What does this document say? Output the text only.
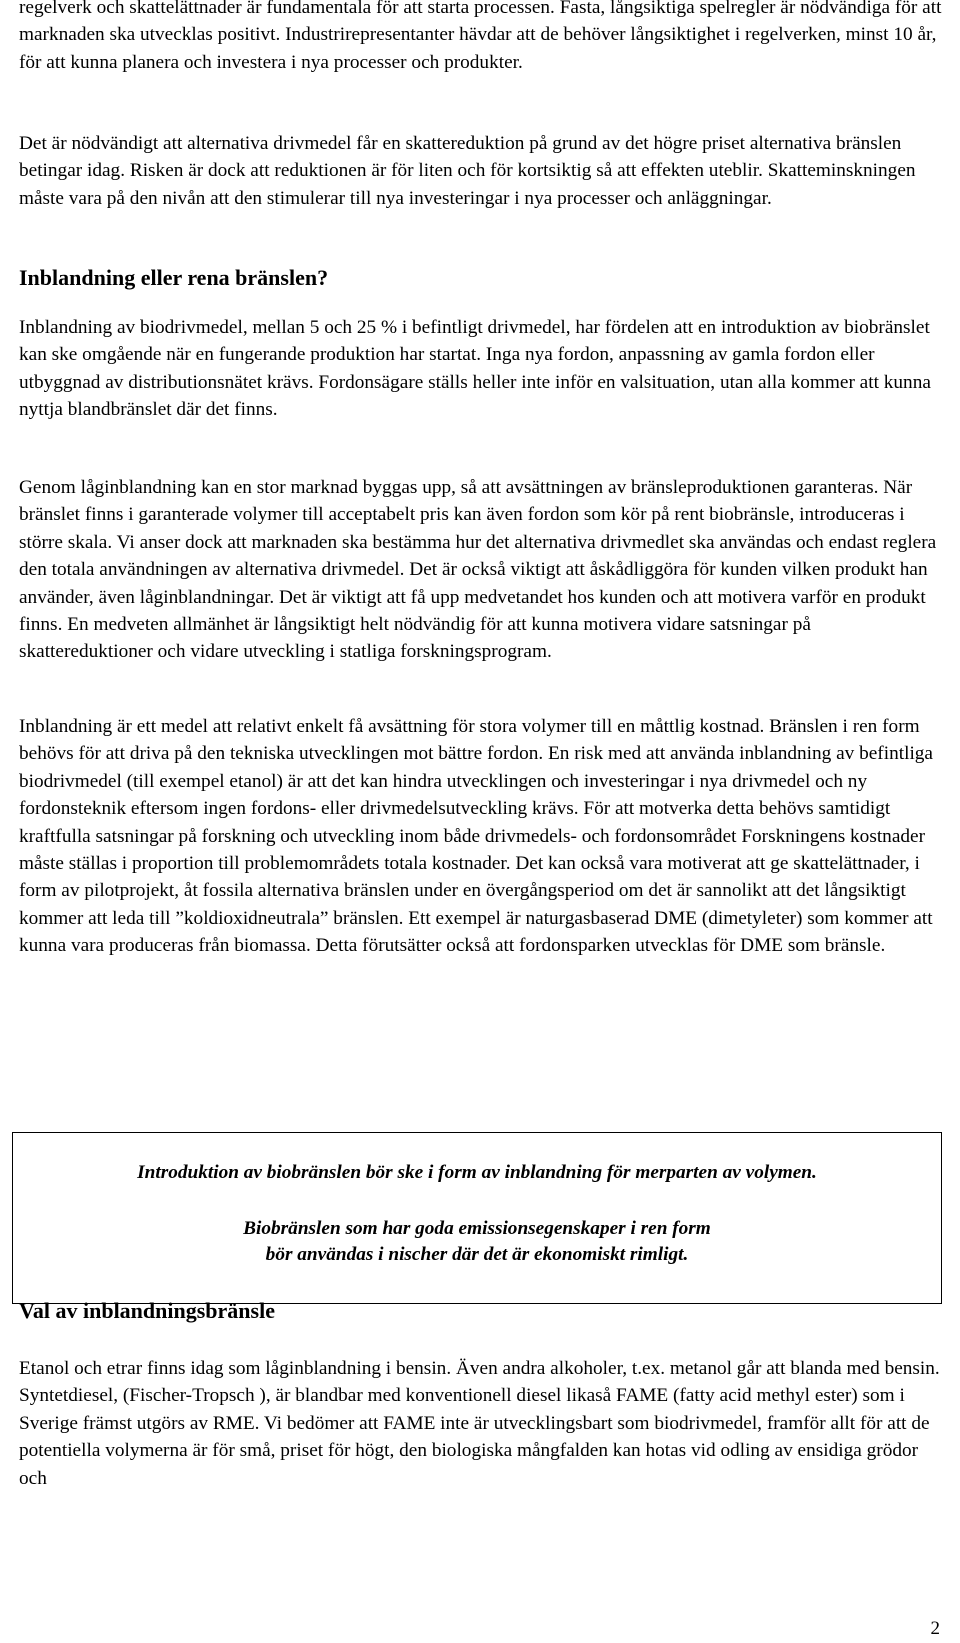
regelverk och skattelättnader är fundamentala för att starta processen. Fasta, långsiktiga spelregler är nödvändiga för att marknaden ska utvecklas positivt. Industrirepresentanter hävdar att de behöver långsiktighet i regelverken, minst 10 år, för att kunna planera och investera i nya processer och produkter.

Det är nödvändigt att alternativa drivmedel får en skattereduktion på grund av det högre priset alternativa bränslen betingar idag. Risken är dock att reduktionen är för liten och för kortsiktig så att effekten uteblir. Skatteminskningen måste vara på den nivån att den stimulerar till nya investeringar i nya processer och anläggningar.

Inblandning eller rena bränslen?

Inblandning av biodrivmedel, mellan 5 och 25 % i befintligt drivmedel, har fördelen att en introduktion av biobränslet kan ske omgående när en fungerande produktion har startat. Inga nya fordon, anpassning av gamla fordon eller utbyggnad av distributionsnätet krävs. Fordonsägare ställs heller inte inför en valsituation, utan alla kommer att kunna nyttja blandbränslet där det finns.

Genom låginblandning kan en stor marknad byggas upp, så att avsättningen av bränsleproduktionen garanteras. När bränslet finns i garanterade volymer till acceptabelt pris kan även fordon som kör på rent biobränsle, introduceras i större skala. Vi anser dock att marknaden ska bestämma hur det alternativa drivmedlet ska användas och endast reglera den totala användningen av alternativa drivmedel. Det är också viktigt att åskådliggöra för kunden vilken produkt han använder, även låginblandningar. Det är viktigt att få upp medvetandet hos kunden och att motivera varför en produkt finns. En medveten allmänhet är långsiktigt helt nödvändig för att kunna motivera vidare satsningar på skattereduktioner och vidare utveckling i statliga forskningsprogram.

Inblandning är ett medel att relativt enkelt få avsättning för stora volymer till en måttlig kostnad. Bränslen i ren form behövs för att driva på den tekniska utvecklingen mot bättre fordon. En risk med att använda inblandning av befintliga biodrivmedel (till exempel etanol) är att det kan hindra utvecklingen och investeringar i nya drivmedel och ny fordonsteknik eftersom ingen fordons- eller drivmedelsutveckling krävs. För att motverka detta behövs samtidigt kraftfulla satsningar på forskning och utveckling inom både drivmedels- och fordonsområdet Forskningens kostnader måste ställas i proportion till problemområdets totala kostnader. Det kan också vara motiverat att ge skattelättnader, i form av pilotprojekt, åt fossila alternativa bränslen under en övergångsperiod om det är sannolikt att det långsiktigt kommer att leda till ”koldioxidneutrala” bränslen. Ett exempel är naturgasbaserad DME (dimetyleter) som kommer att kunna vara produceras från biomassa. Detta förutsätter också att fordonsparken utvecklas för DME som bränsle.

Val av inblandningsbränsle

Etanol och etrar finns idag som låginblandning i bensin. Även andra alkoholer, t.ex. metanol går att blanda med bensin. Syntetdiesel, (Fischer-Tropsch ), är blandbar med konventionell diesel likaså FAME (fatty acid methyl ester) som i Sverige främst utgörs av RME. Vi bedömer att FAME inte är utvecklingsbart som biodrivmedel, framför allt för att de potentiella volymerna är för små, priset för högt, den biologiska mångfalden kan hotas vid odling av ensidiga grödor och

Introduktion av biobränslen bör ske i form av inblandning för merparten av volymen.
Biobränslen som har goda emissionsegenskaper i ren form
bör användas i nischer där det är ekonomiskt rimligt.
2
